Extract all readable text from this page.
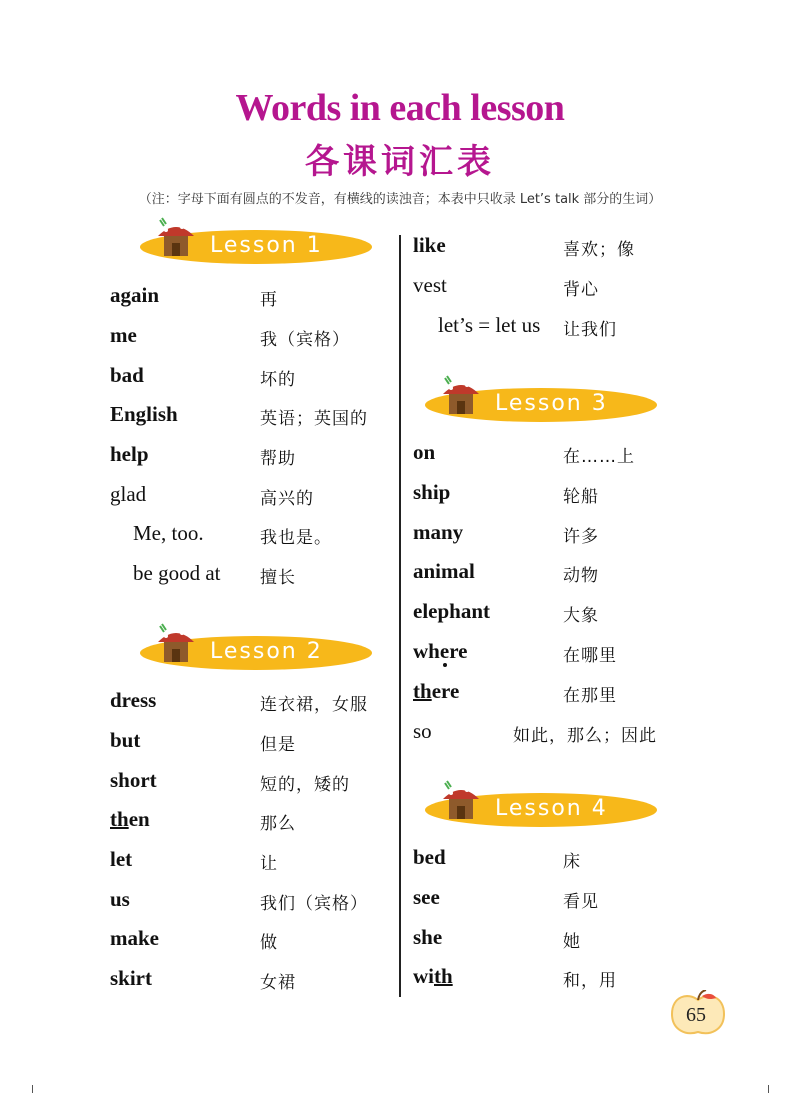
Words in each lesson
各课词汇表
（注：字母下面有圆点的不发音，有横线的读浊音；本表中只收录 Let’s talk 部分的生词）
Lesson 1
again	再
me	我（宾格）
bad	坏的
English	英语；英国的
help	帮助
glad	高兴的
Me, too.	我也是。
be good at 擅长
Lesson 2
dress	连衣裙，女服
but	但是
short	短的，矮的
then	那么
let	让
us	我们（宾格）
make	做
skirt	女裙
like	喜欢；像
vest	背心
let’s = let us 让我们
Lesson 3
on	在……上
ship	轮船
many	许多
animal	动物
elephant	大象
where	在哪里
there	在那里
so	如此，那么；因此
Lesson 4
bed	床
see	看见
she	她
with	和，用
65
